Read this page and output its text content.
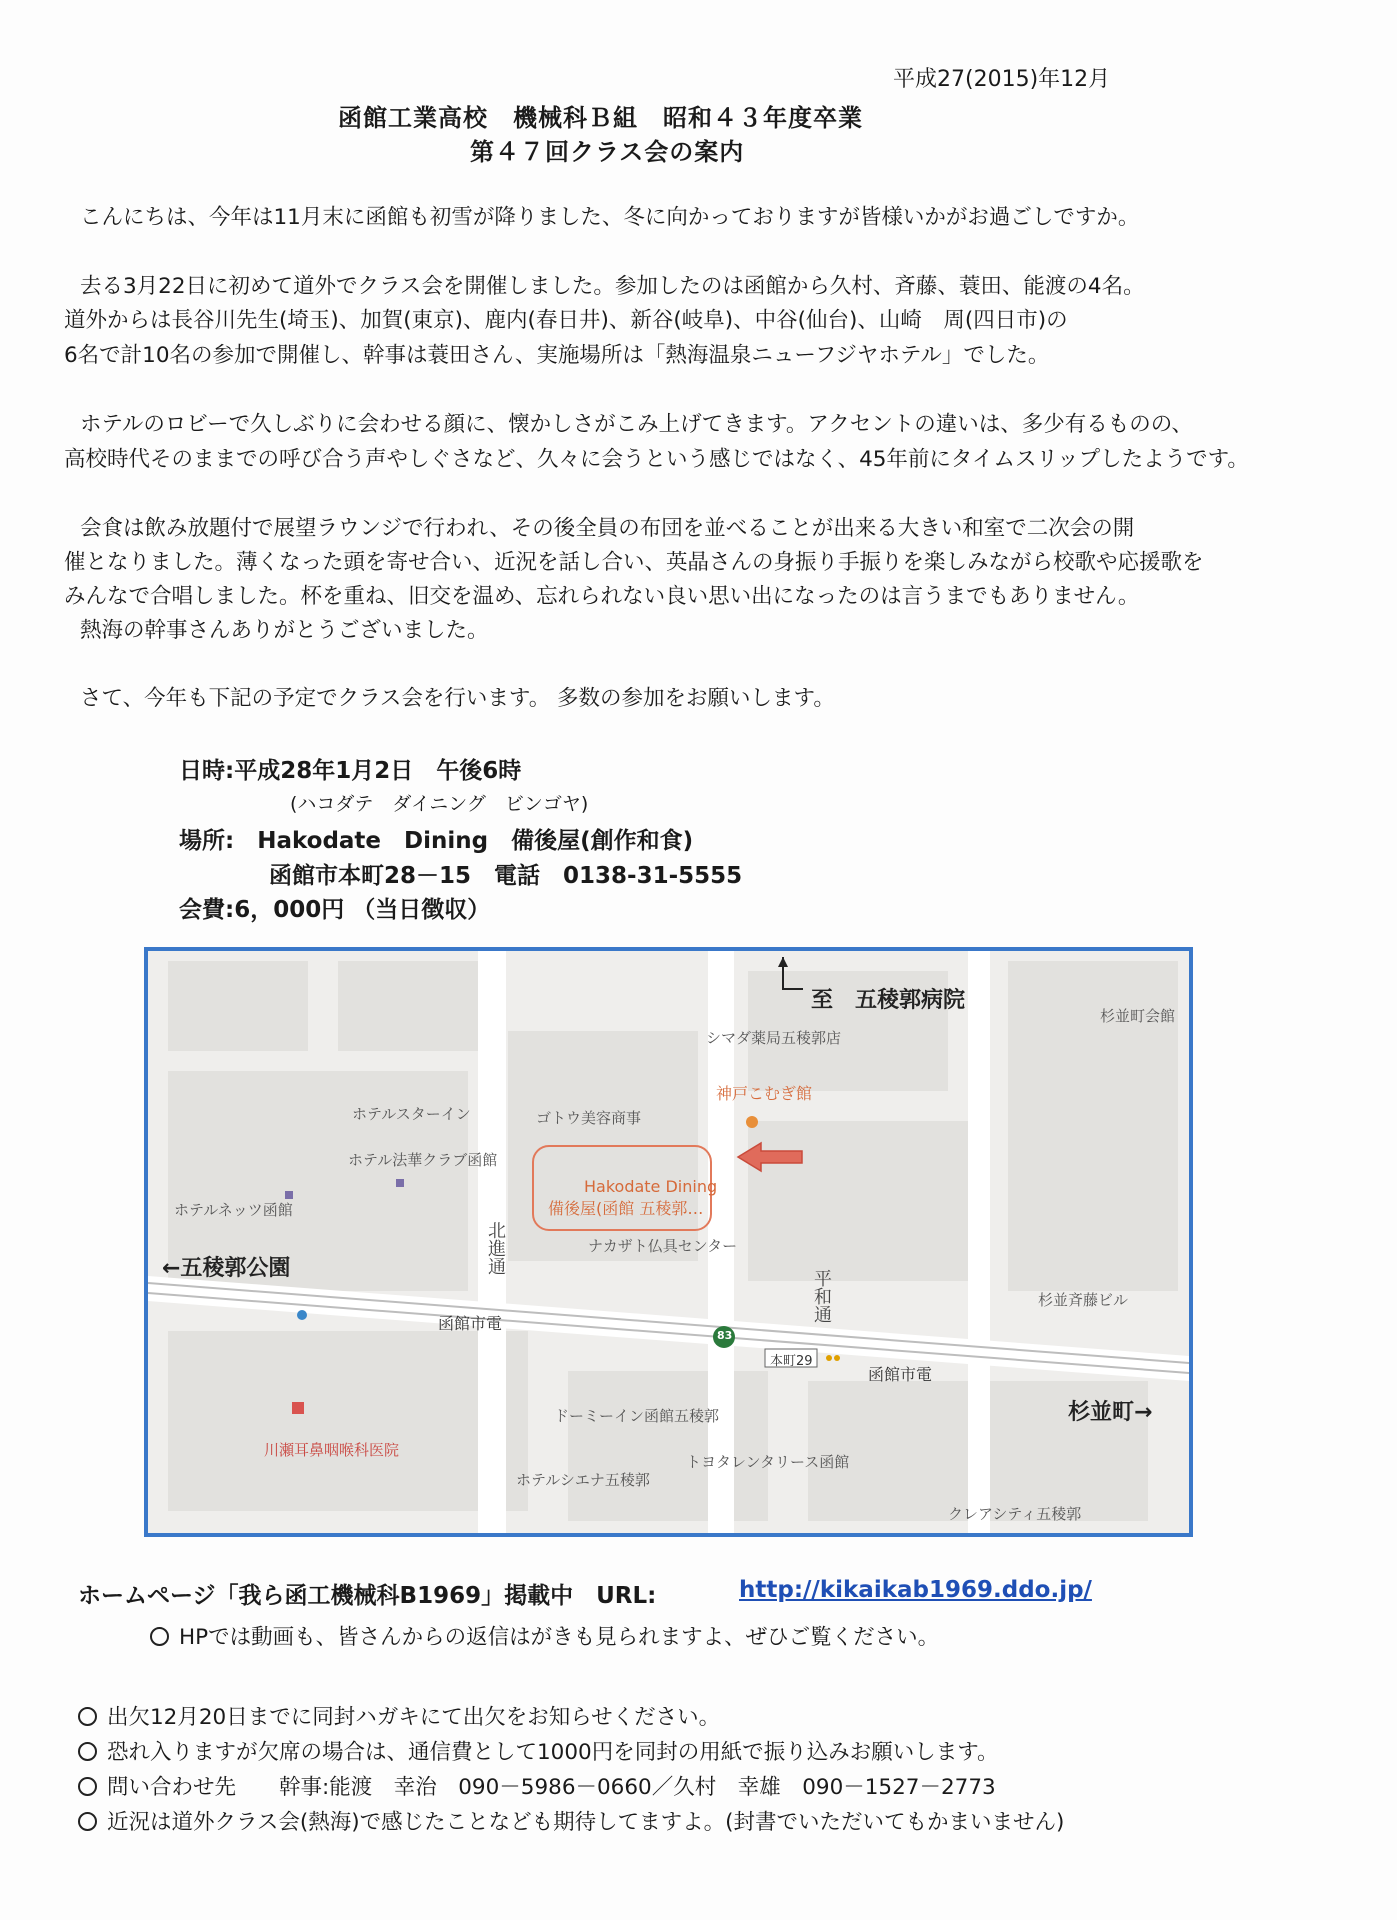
平成27(2015)年12月
函館工業高校　機械科Ｂ組　昭和４３年度卒業
第４７回クラス会の案内
こんにちは、今年は11月末に函館も初雪が降りました、冬に向かっておりますが皆様いかがお過ごしですか。
去る3月22日に初めて道外でクラス会を開催しました。参加したのは函館から久村、斉藤、蓑田、能渡の4名。
道外からは長谷川先生(埼玉)、加賀(東京)、鹿内(春日井)、新谷(岐阜)、中谷(仙台)、山崎　周(四日市)の
6名で計10名の参加で開催し、幹事は蓑田さん、実施場所は「熱海温泉ニューフジヤホテル」でした。
ホテルのロビーで久しぶりに会わせる顔に、懐かしさがこみ上げてきます。アクセントの違いは、多少有るものの、
高校時代そのままでの呼び合う声やしぐさなど、久々に会うという感じではなく、45年前にタイムスリップしたようです。
会食は飲み放題付で展望ラウンジで行われ、その後全員の布団を並べることが出来る大きい和室で二次会の開
催となりました。薄くなった頭を寄せ合い、近況を話し合い、英晶さんの身振り手振りを楽しみながら校歌や応援歌を
みんなで合唱しました。杯を重ね、旧交を温め、忘れられない良い思い出になったのは言うまでもありません。
熱海の幹事さんありがとうございました。
さて、今年も下記の予定でクラス会を行います。 多数の参加をお願いします。
日時:平成28年1月2日　午後6時
(ハコダテ　ダイニング　ビンゴヤ)
場所:　Hakodate　Dining　備後屋(創作和食)
函館市本町28－15　電話　0138-31-5555
会費:6，000円 （当日徴収）
至　五稜郭病院
←五稜郭公園
杉並町→
シマダ薬局五稜郭店
杉並町会館
神戸こむぎ館
ホテルスターイン	ゴトウ美容商事
ホテル法華クラブ函館
ホテルネッツ函館
Hakodate Dining
備後屋(函館 五稜郭…
ナカザト仏具センター
北進通
平和通
函館市電
函館市電
83
本町29
杉並斉藤ビル
ドーミーイン函館五稜郭
川瀬耳鼻咽喉科医院
トヨタレンタリース函館
ホテルシエナ五稜郭
クレアシティ五稜郭
ホームページ「我ら函工機械科B1969」掲載中　URL:	http://kikaikab1969.ddo.jp/
HPでは動画も、皆さんからの返信はがきも見られますよ、ぜひご覧ください。
出欠12月20日までに同封ハガキにて出欠をお知らせください。
恐れ入りますが欠席の場合は、通信費として1000円を同封の用紙で振り込みお願いします。
問い合わせ先　　幹事:能渡　幸治　090－5986－0660／久村　幸雄　090－1527－2773
近況は道外クラス会(熱海)で感じたことなども期待してますよ。(封書でいただいてもかまいません)
